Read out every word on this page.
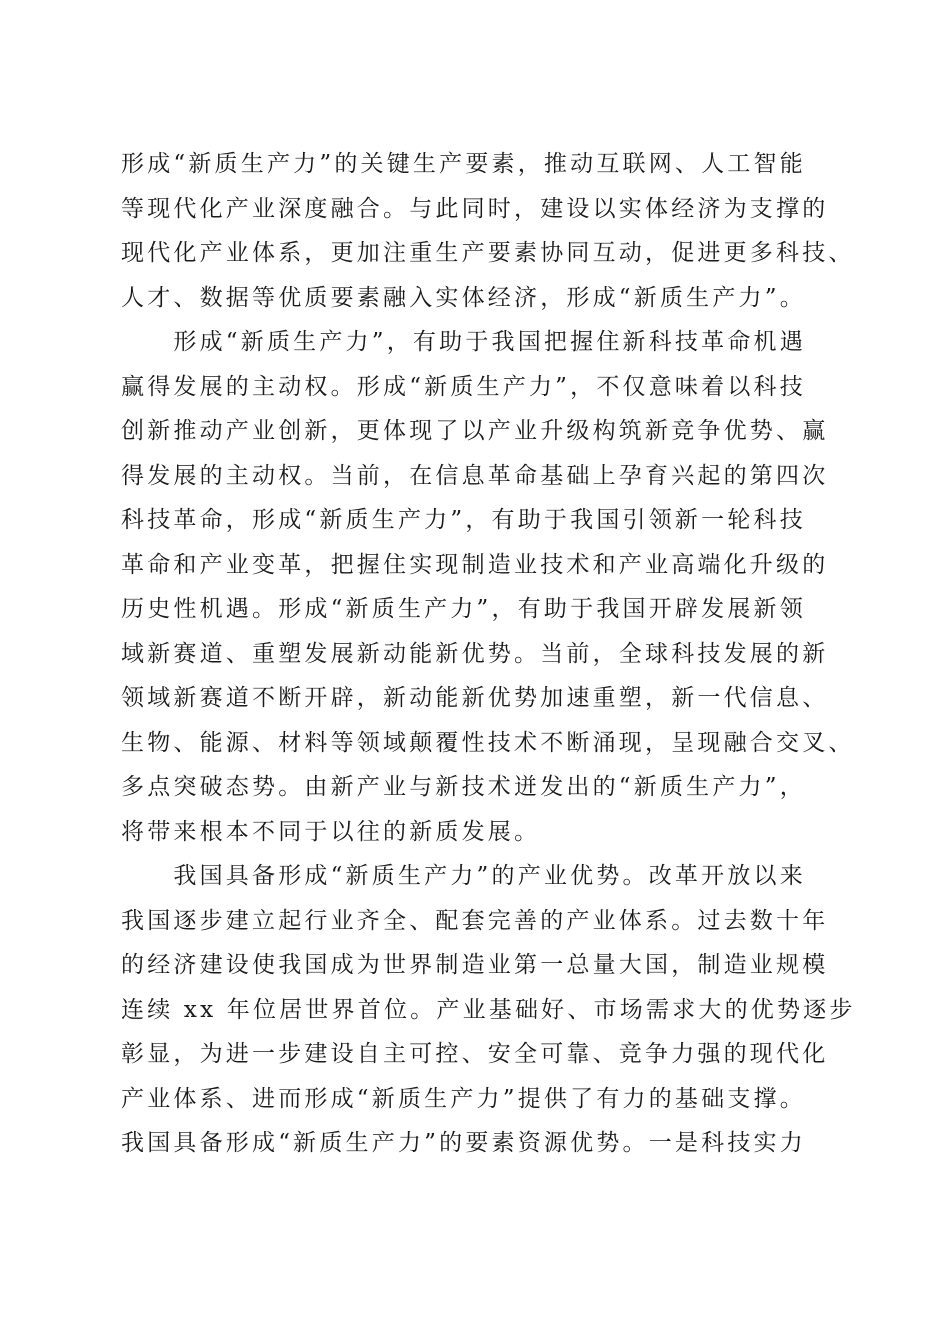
形成“新质生产力”的关键生产要素，推动互联网、人工智能
等现代化产业深度融合。与此同时，建设以实体经济为支撑的
现代化产业体系，更加注重生产要素协同互动，促进更多科技、
人才、数据等优质要素融入实体经济，形成“新质生产力”。
　　形成“新质生产力”，有助于我国把握住新科技革命机遇
赢得发展的主动权。形成“新质生产力”，不仅意味着以科技
创新推动产业创新，更体现了以产业升级构筑新竞争优势、赢
得发展的主动权。当前，在信息革命基础上孕育兴起的第四次
科技革命，形成“新质生产力”，有助于我国引领新一轮科技
革命和产业变革，把握住实现制造业技术和产业高端化升级的
历史性机遇。形成“新质生产力”，有助于我国开辟发展新领
域新赛道、重塑发展新动能新优势。当前，全球科技发展的新
领域新赛道不断开辟，新动能新优势加速重塑，新一代信息、
生物、能源、材料等领域颠覆性技术不断涌现，呈现融合交叉、
多点突破态势。由新产业与新技术迸发出的“新质生产力”，
将带来根本不同于以往的新质发展。
　　我国具备形成“新质生产力”的产业优势。改革开放以来
我国逐步建立起行业齐全、配套完善的产业体系。过去数十年
的经济建设使我国成为世界制造业第一总量大国，制造业规模
连续 xx 年位居世界首位。产业基础好、市场需求大的优势逐步
彰显，为进一步建设自主可控、安全可靠、竞争力强的现代化
产业体系、进而形成“新质生产力”提供了有力的基础支撑。
我国具备形成“新质生产力”的要素资源优势。一是科技实力
